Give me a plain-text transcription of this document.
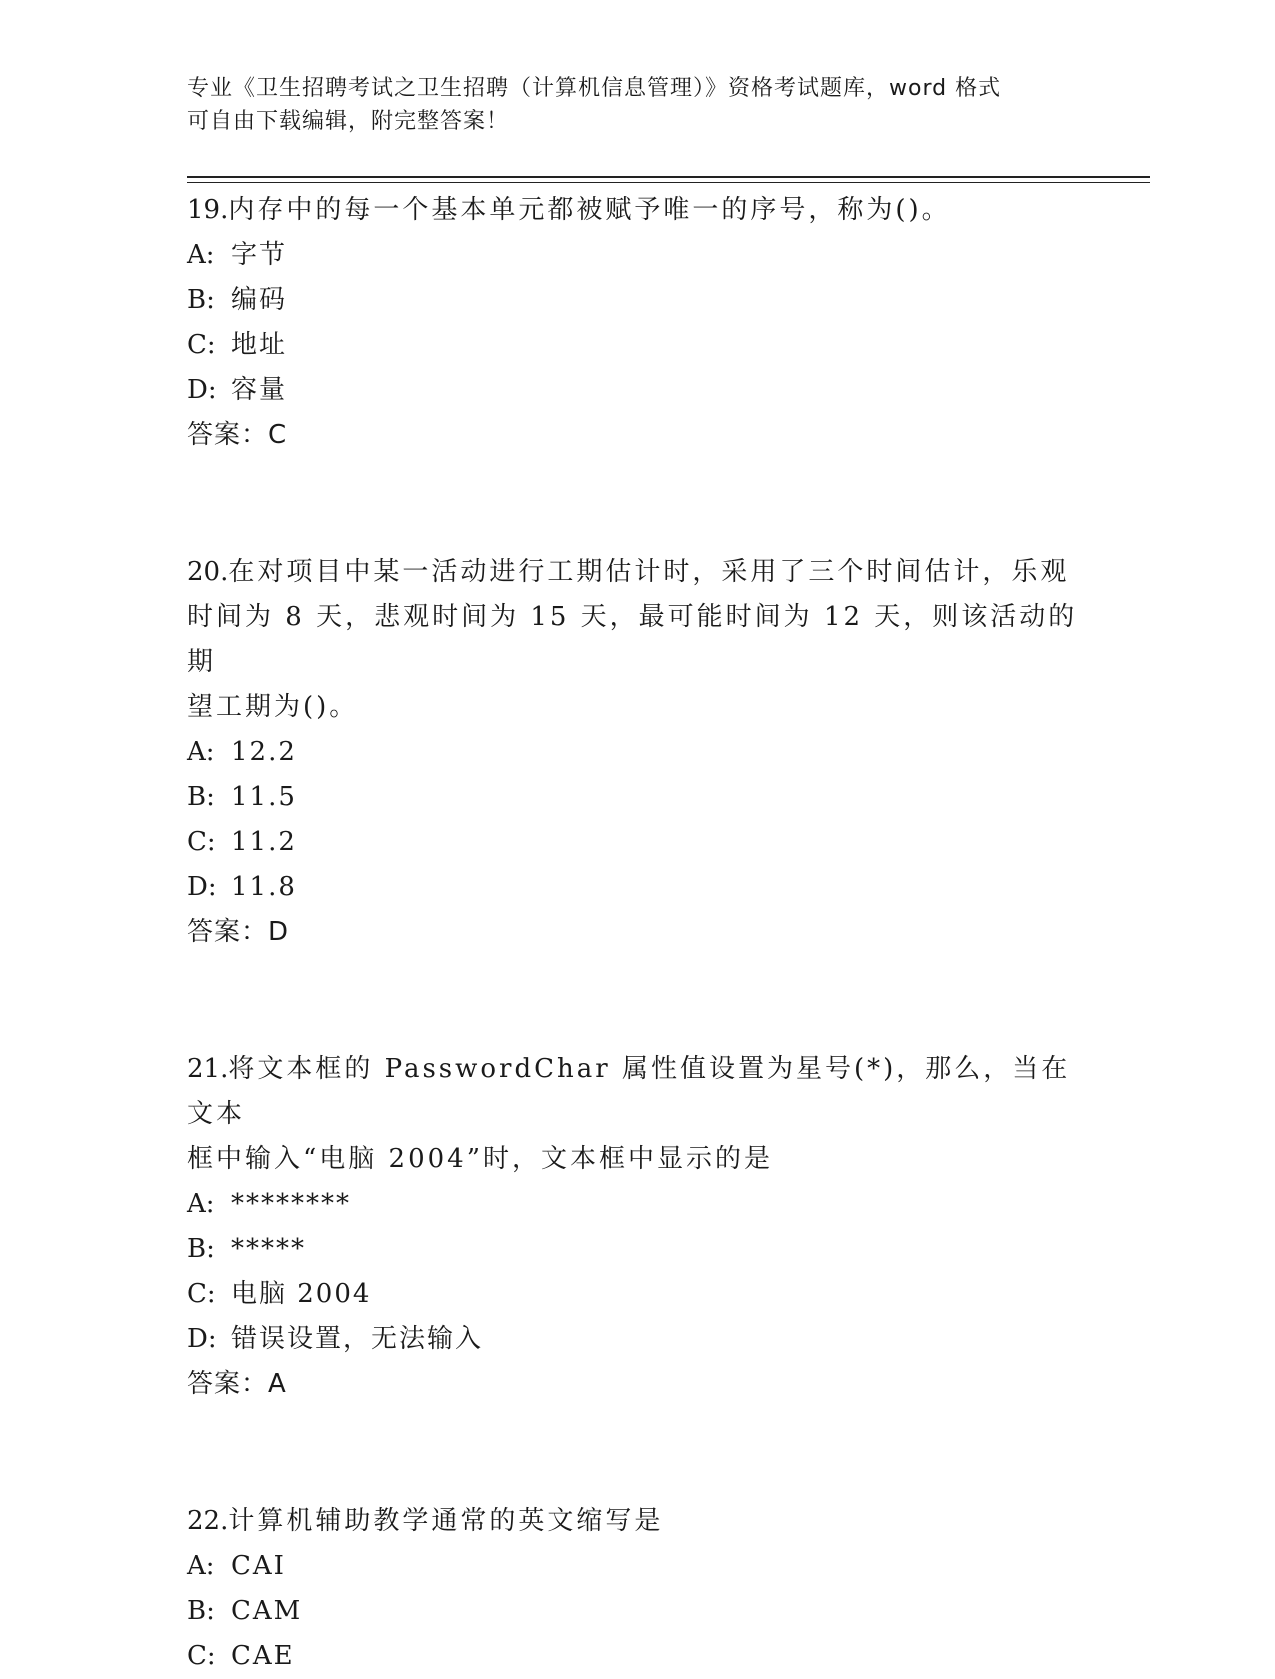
专业《卫生招聘考试之卫生招聘（计算机信息管理）》资格考试题库，word 格式
可自由下载编辑，附完整答案！

19.内存中的每一个基本单元都被赋予唯一的序号，称为()。

A: 字节

B: 编码

C: 地址

D: 容量

答案：C

20.在对项目中某一活动进行工期估计时，采用了三个时间估计，乐观

时间为 8 天，悲观时间为 15 天，最可能时间为 12 天，则该活动的期

望工期为()。

A: 12.2

B: 11.5

C: 11.2

D: 11.8

答案：D

21.将文本框的 PasswordChar 属性值设置为星号(*)，那么，当在文本

框中输入“电脑 2004”时，文本框中显示的是

A: ********

B: *****

C: 电脑 2004

D: 错误设置，无法输入

答案：A

22.计算机辅助教学通常的英文缩写是

A: CAI

B: CAM

C: CAE
